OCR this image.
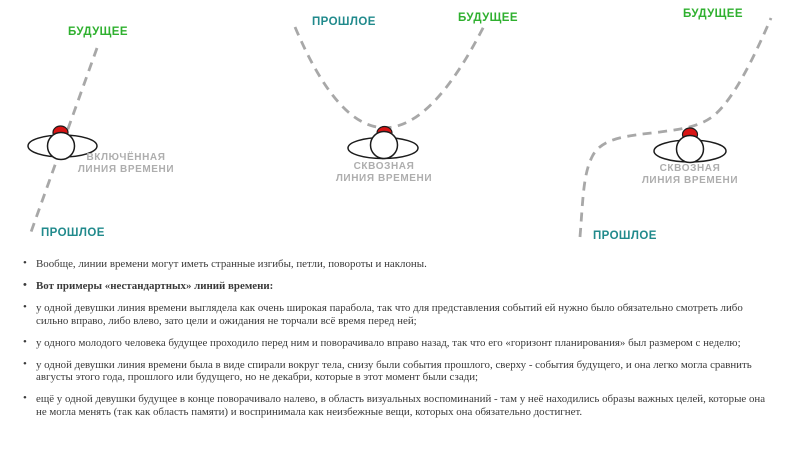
БУДУЩЕЕ
ПРОШЛОЕ
ВКЛЮЧЁННАЯ
ЛИНИЯ ВРЕМЕНИ
ПРОШЛОЕ	БУДУЩЕЕ
СКВОЗНАЯ
ЛИНИЯ ВРЕМЕНИ
БУДУЩЕЕ
ПРОШЛОЕ
СКВОЗНАЯ
ЛИНИЯ ВРЕМЕНИ
• Вообще, линии времени могут иметь странные изгибы, петли, повороты и наклоны.
• Вот примеры «нестандартных» линий времени:
• у одной девушки линия времени выглядела как очень широкая парабола, так что для представления событий ей нужно было обязательно смотреть либо сильно вправо, либо влево, зато цели и ожидания не торчали всё время перед ней;
• у одного молодого человека будущее проходило перед ним и поворачивало вправо назад, так что его «горизонт планирования» был размером с неделю;
• у одной девушки линия времени была в виде спирали вокруг тела, снизу были события прошлого, сверху - события будущего, и она легко могла сравнить августы этого года, прошлого или будущего, но не декабри, которые в этот момент были сзади;
• ещё у одной девушки будущее в конце поворачивало налево, в область визуальных воспоминаний - там у неё находились образы важных целей, которые она не могла менять (так как область памяти) и воспринимала как неизбежные вещи, которых она обязательно достигнет.
